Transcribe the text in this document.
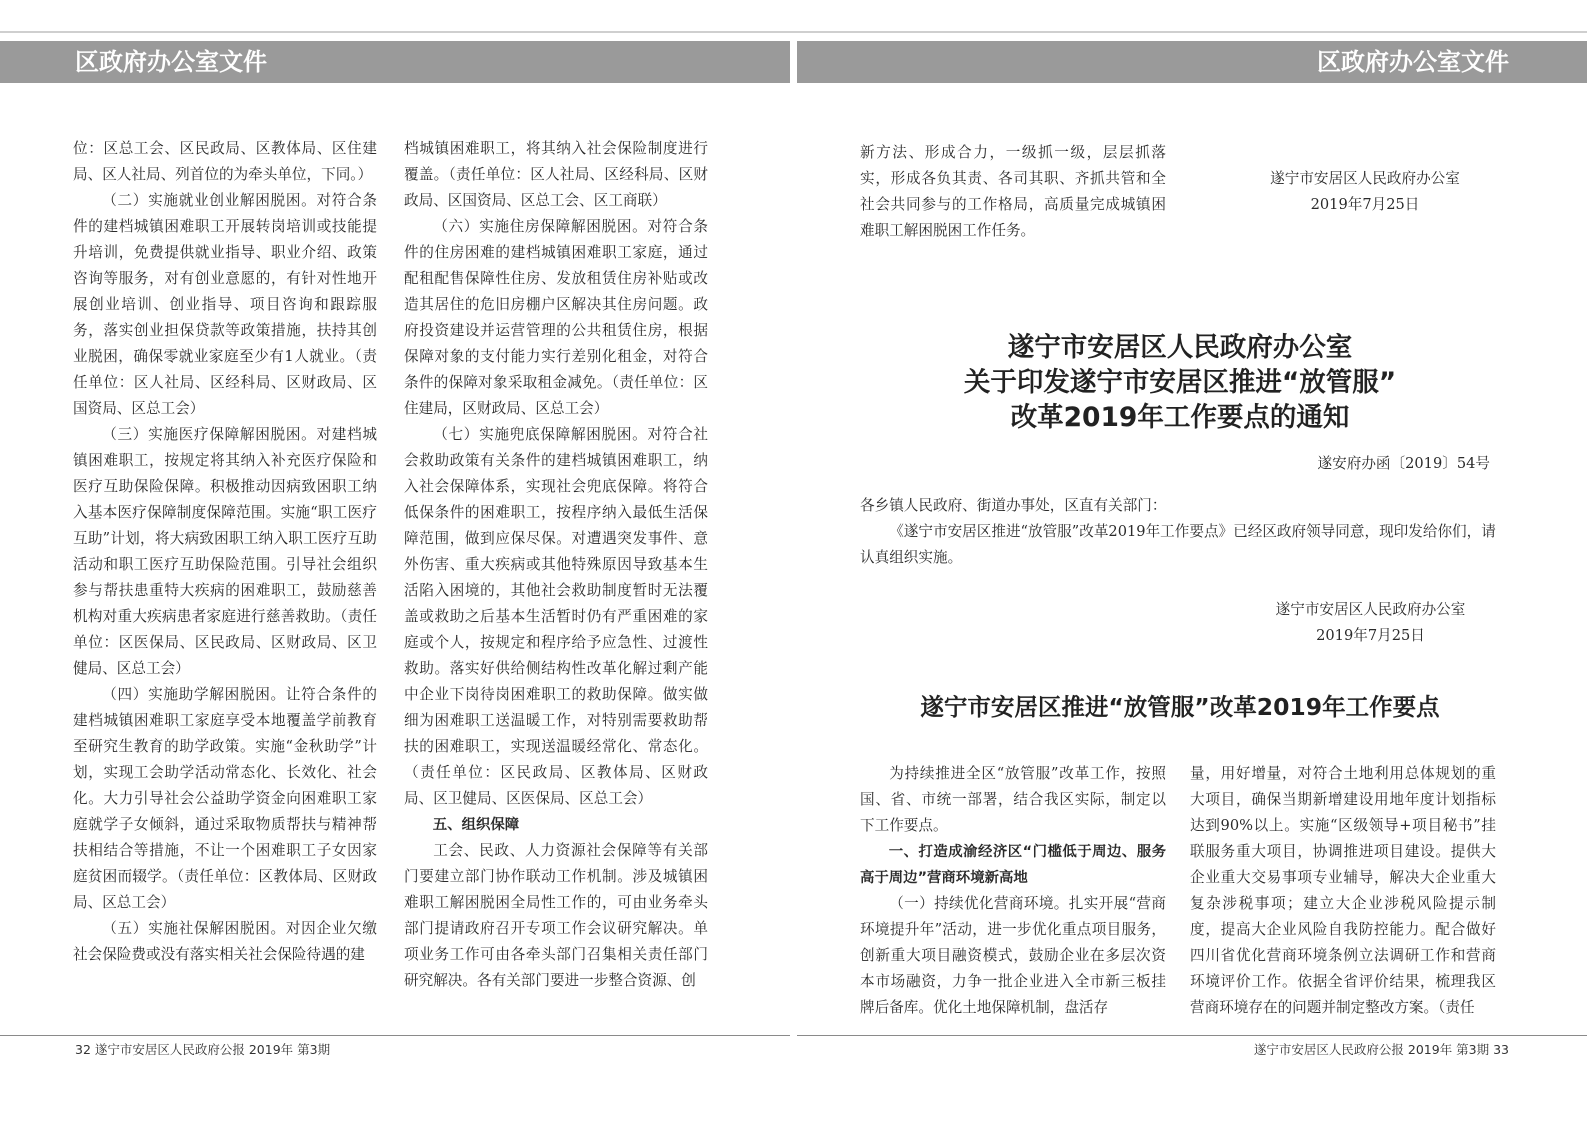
区政府办公室文件	区政府办公室文件

位：区总工会、区民政局、区教体局、区住建局、区人社局、列首位的为牵头单位，下同。）

（二）实施就业创业解困脱困。对符合条件的建档城镇困难职工开展转岗培训或技能提升培训，免费提供就业指导、职业介绍、政策咨询等服务，对有创业意愿的，有针对性地开展创业培训、创业指导、项目咨询和跟踪服务，落实创业担保贷款等政策措施，扶持其创业脱困，确保零就业家庭至少有1人就业。（责任单位：区人社局、区经科局、区财政局、区国资局、区总工会）

（三）实施医疗保障解困脱困。对建档城镇困难职工，按规定将其纳入补充医疗保险和医疗互助保险保障。积极推动因病致困职工纳入基本医疗保障制度保障范围。实施“职工医疗互助”计划，将大病致困职工纳入职工医疗互助活动和职工医疗互助保险范围。引导社会组织参与帮扶患重特大疾病的困难职工，鼓励慈善机构对重大疾病患者家庭进行慈善救助。（责任单位：区医保局、区民政局、区财政局、区卫健局、区总工会）

（四）实施助学解困脱困。让符合条件的建档城镇困难职工家庭享受本地覆盖学前教育至研究生教育的助学政策。实施“金秋助学”计划，实现工会助学活动常态化、长效化、社会化。大力引导社会公益助学资金向困难职工家庭就学子女倾斜，通过采取物质帮扶与精神帮扶相结合等措施，不让一个困难职工子女因家庭贫困而辍学。（责任单位：区教体局、区财政局、区总工会）

（五）实施社保解困脱困。对因企业欠缴社会保险费或没有落实相关社会保险待遇的建

档城镇困难职工，将其纳入社会保险制度进行覆盖。（责任单位：区人社局、区经科局、区财政局、区国资局、区总工会、区工商联）

（六）实施住房保障解困脱困。对符合条件的住房困难的建档城镇困难职工家庭，通过配租配售保障性住房、发放租赁住房补贴或改造其居住的危旧房棚户区解决其住房问题。政府投资建设并运营管理的公共租赁住房，根据保障对象的支付能力实行差别化租金，对符合条件的保障对象采取租金减免。（责任单位：区住建局，区财政局、区总工会）

（七）实施兜底保障解困脱困。对符合社会救助政策有关条件的建档城镇困难职工，纳入社会保障体系，实现社会兜底保障。将符合低保条件的困难职工，按程序纳入最低生活保障范围，做到应保尽保。对遭遇突发事件、意外伤害、重大疾病或其他特殊原因导致基本生活陷入困境的，其他社会救助制度暂时无法覆盖或救助之后基本生活暂时仍有严重困难的家庭或个人，按规定和程序给予应急性、过渡性救助。落实好供给侧结构性改革化解过剩产能中企业下岗待岗困难职工的救助保障。做实做细为困难职工送温暖工作，对特别需要救助帮扶的困难职工，实现送温暖经常化、常态化。（责任单位：区民政局、区教体局、区财政局、区卫健局、区医保局、区总工会）

五、组织保障

工会、民政、人力资源社会保障等有关部门要建立部门协作联动工作机制。涉及城镇困难职工解困脱困全局性工作的，可由业务牵头部门提请政府召开专项工作会议研究解决。单项业务工作可由各牵头部门召集相关责任部门研究解决。各有关部门要进一步整合资源、创

新方法、形成合力，一级抓一级，层层抓落实，形成各负其责、各司其职、齐抓共管和全社会共同参与的工作格局，高质量完成城镇困难职工解困脱困工作任务。

遂宁市安居区人民政府办公室
2019年7月25日
遂宁市安居区人民政府办公室
关于印发遂宁市安居区推进“放管服”
改革2019年工作要点的通知
遂安府办函〔2019〕54号

各乡镇人民政府、街道办事处，区直有关部门：

《遂宁市安居区推进“放管服”改革2019年工作要点》已经区政府领导同意，现印发给你们，请认真组织实施。

遂宁市安居区人民政府办公室
2019年7月25日
遂宁市安居区推进“放管服”改革2019年工作要点

为持续推进全区“放管服”改革工作，按照国、省、市统一部署，结合我区实际，制定以下工作要点。

一、打造成渝经济区“门槛低于周边、服务高于周边”营商环境新高地

（一）持续优化营商环境。扎实开展“营商环境提升年”活动，进一步优化重点项目服务，创新重大项目融资模式，鼓励企业在多层次资本市场融资，力争一批企业进入全市新三板挂牌后备库。优化土地保障机制，盘活存

量，用好增量，对符合土地利用总体规划的重大项目，确保当期新增建设用地年度计划指标达到90%以上。实施“区级领导+项目秘书”挂联服务重大项目，协调推进项目建设。提供大企业重大交易事项专业辅导，解决大企业重大复杂涉税事项；建立大企业涉税风险提示制度，提高大企业风险自我防控能力。配合做好四川省优化营商环境条例立法调研工作和营商环境评价工作。依据全省评价结果，梳理我区营商环境存在的问题并制定整改方案。（责任

32 遂宁市安居区人民政府公报 2019年 第3期	遂宁市安居区人民政府公报 2019年 第3期 33
